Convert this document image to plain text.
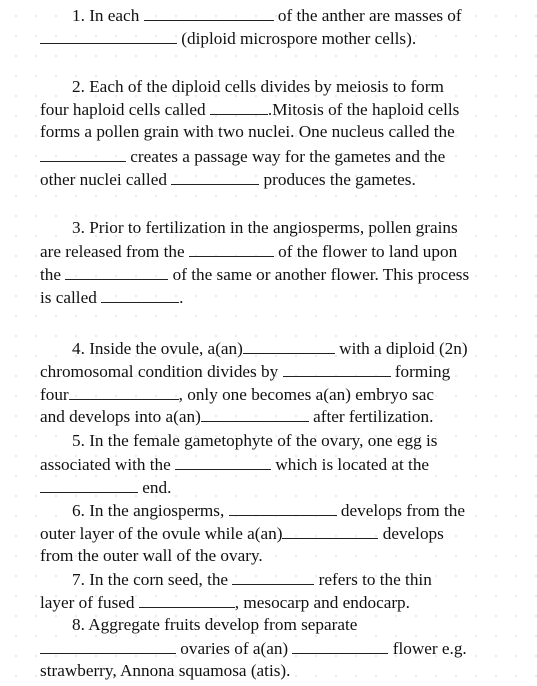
1. In each	of the anther are masses of
(diploid microspore mother cells).
2. Each of the diploid cells divides by meiosis to form
four haploid cells called	.Mitosis of the haploid cells
forms a pollen grain with two nuclei. One nucleus called the
creates a passage way for the gametes and the
other nuclei called	produces the gametes.
3. Prior to fertilization in the angiosperms, pollen grains
are released from the	of the flower to land upon
the	of the same or another flower. This process
is called	.
4. Inside the ovule, a(an)	with a diploid (2n)
chromosomal condition divides by	forming
four	, only one becomes a(an) embryo sac
and develops into a(an)	after fertilization.
5. In the female gametophyte of the ovary, one egg is
associated with the	which is located at the
end.
6. In the angiosperms,	develops from the
outer layer of the ovule while a(an)	develops
from the outer wall of the ovary.
7. In the corn seed, the	refers to the thin
layer of fused	, mesocarp and endocarp.
8. Aggregate fruits develop from separate
ovaries of a(an)	flower e.g.
strawberry, Annona squamosa (atis).
